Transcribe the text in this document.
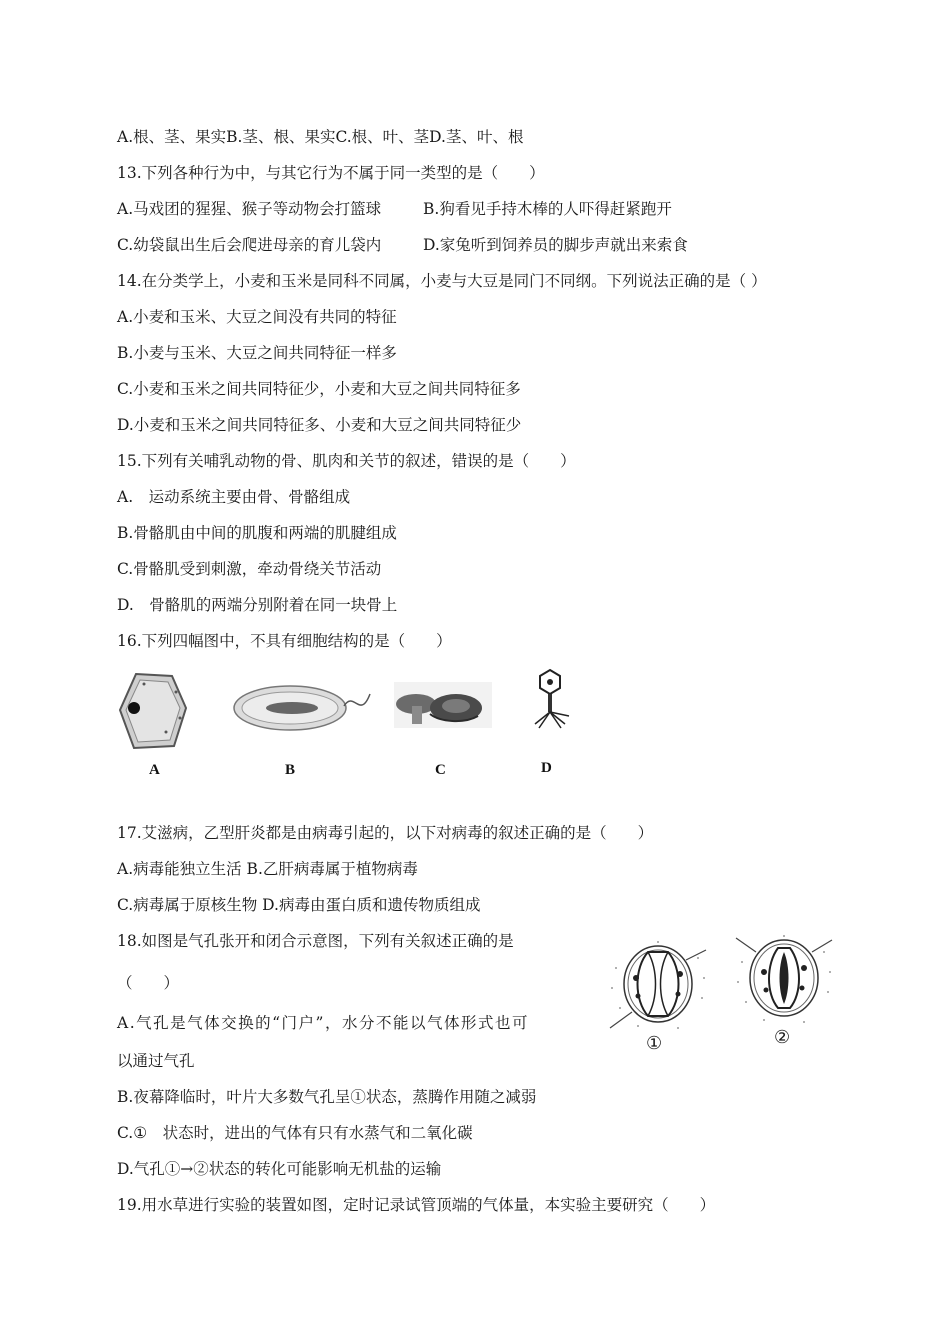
A.根、茎、果实B.茎、根、果实C.根、叶、茎D.茎、叶、根
13.下列各种行为中，与其它行为不属于同一类型的是（　　）
A.马戏团的猩猩、猴子等动物会打篮球	B.狗看见手持木棒的人吓得赶紧跑开
C.幼袋鼠出生后会爬进母亲的育儿袋内	D.家兔听到饲养员的脚步声就出来索食
14.在分类学上，小麦和玉米是同科不同属，小麦与大豆是同门不同纲。下列说法正确的是（ ）
A.小麦和玉米、大豆之间没有共同的特征
B.小麦与玉米、大豆之间共同特征一样多
C.小麦和玉米之间共同特征少，小麦和大豆之间共同特征多
D.小麦和玉米之间共同特征多、小麦和大豆之间共同特征少
15.下列有关哺乳动物的骨、肌肉和关节的叙述，错误的是（　　）
A.　运动系统主要由骨、骨骼组成
B.骨骼肌由中间的肌腹和两端的肌腱组成
C.骨骼肌受到刺激，牵动骨绕关节活动
D.　骨骼肌的两端分别附着在同一块骨上
16.下列四幅图中，不具有细胞结构的是（　　）
A	B	C	D
17.艾滋病，乙型肝炎都是由病毒引起的，以下对病毒的叙述正确的是（　　）
A.病毒能独立生活 B.乙肝病毒属于植物病毒
C.病毒属于原核生物 D.病毒由蛋白质和遗传物质组成
18.如图是气孔张开和闭合示意图，下列有关叙述正确的是
（　　）
A.气孔是气体交换的“门户”，水分不能以气体形式也可
以通过气孔
B.夜幕降临时，叶片大多数气孔呈①状态，蒸腾作用随之减弱
C.①　状态时，进出的气体有只有水蒸气和二氧化碳
D.气孔①→②状态的转化可能影响无机盐的运输
①	②
19.用水草进行实验的装置如图，定时记录试管顶端的气体量，本实验主要研究（　　）
